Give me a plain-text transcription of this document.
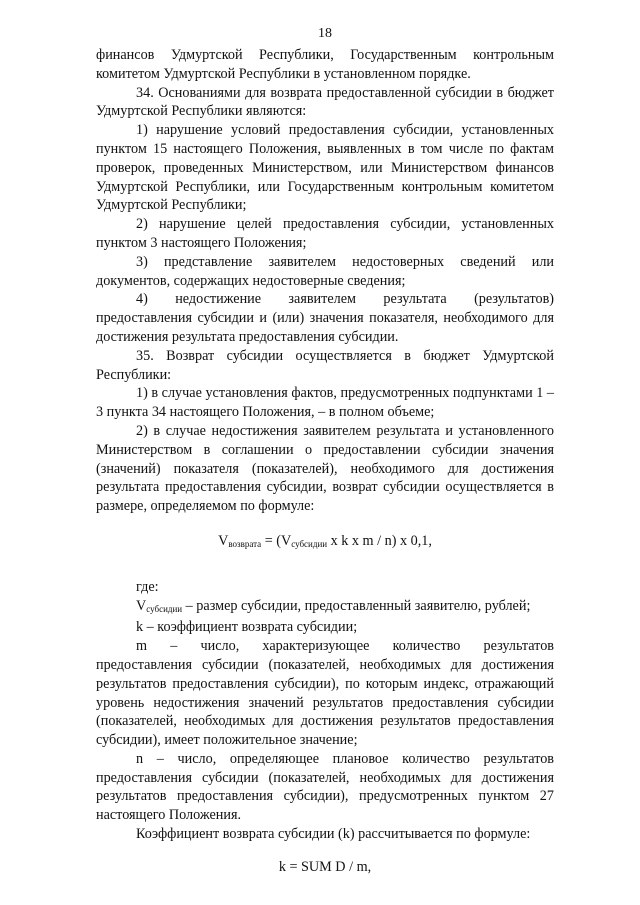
18

финансов Удмуртской Республики, Государственным контрольным комитетом Удмуртской Республики в установленном порядке.

34. Основаниями для возврата предоставленной субсидии в бюджет Удмуртской Республики являются:

1) нарушение условий предоставления субсидии, установленных пунктом 15 настоящего Положения, выявленных в том числе по фактам проверок, проведенных Министерством, или Министерством финансов Удмуртской Республики, или Государственным контрольным комитетом Удмуртской Республики;

2) нарушение целей предоставления субсидии, установленных пунктом 3 настоящего Положения;

3) представление заявителем недостоверных сведений или документов, содержащих недостоверные сведения;

4) недостижение заявителем результата (результатов) предоставления субсидии и (или) значения показателя, необходимого для достижения результата предоставления субсидии.

35. Возврат субсидии осуществляется в бюджет Удмуртской Республики:

1) в случае установления фактов, предусмотренных подпунктами 1 – 3 пункта 34 настоящего Положения, – в полном объеме;

2) в случае недостижения заявителем результата и установленного Министерством в соглашении о предоставлении субсидии значения (значений) показателя (показателей), необходимого для достижения результата предоставления субсидии, возврат субсидии осуществляется в размере, определяемом по формуле:

$V_{возврата} = (V_{субсидии}$ x k x m / n) x 0,1,

где:

$V_{субсидии}$ – размер субсидии, предоставленный заявителю, рублей;

k – коэффициент возврата субсидии;

m – число, характеризующее количество результатов предоставления субсидии (показателей, необходимых для достижения результатов предоставления субсидии), по которым индекс, отражающий уровень недостижения значений результатов предоставления субсидии (показателей, необходимых для достижения результатов предоставления субсидии), имеет положительное значение;

n – число, определяющее плановое количество результатов предоставления субсидии (показателей, необходимых для достижения результатов предоставления субсидии), предусмотренных пунктом 27 настоящего Положения.

Коэффициент возврата субсидии (k) рассчитывается по формуле:

k = SUM D / m,
